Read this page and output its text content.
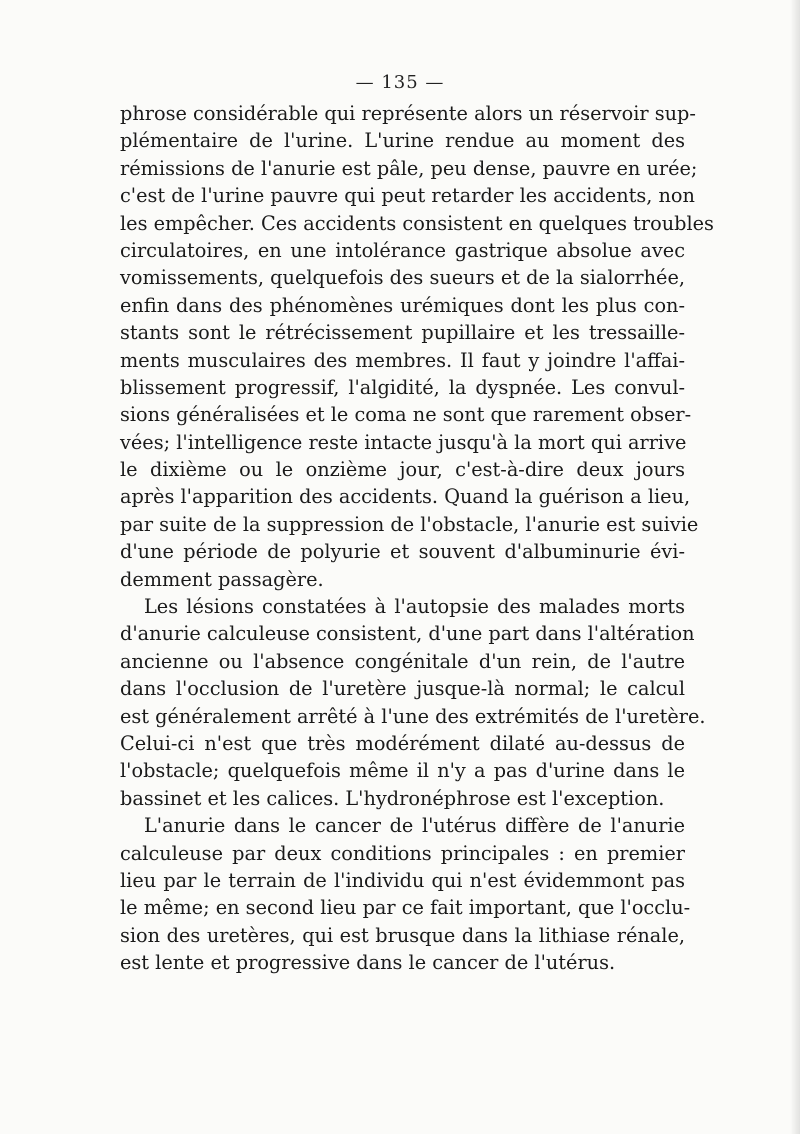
— 135 —
phrose considérable qui représente alors un réservoir sup-
plémentaire de l'urine. L'urine rendue au moment des
rémissions de l'anurie est pâle, peu dense, pauvre en urée;
c'est de l'urine pauvre qui peut retarder les accidents, non
les empêcher. Ces accidents consistent en quelques troubles
circulatoires, en une intolérance gastrique absolue avec
vomissements, quelquefois des sueurs et de la sialorrhée,
enfin dans des phénomènes urémiques dont les plus con-
stants sont le rétrécissement pupillaire et les tressaille-
ments musculaires des membres. Il faut y joindre l'affai-
blissement progressif, l'algidité, la dyspnée. Les convul-
sions généralisées et le coma ne sont que rarement obser-
vées; l'intelligence reste intacte jusqu'à la mort qui arrive
le dixième ou le onzième jour, c'est-à-dire deux jours
après l'apparition des accidents. Quand la guérison a lieu,
par suite de la suppression de l'obstacle, l'anurie est suivie
d'une période de polyurie et souvent d'albuminurie évi-
demment passagère.
Les lésions constatées à l'autopsie des malades morts
d'anurie calculeuse consistent, d'une part dans l'altération
ancienne ou l'absence congénitale d'un rein, de l'autre
dans l'occlusion de l'uretère jusque-là normal; le calcul
est généralement arrêté à l'une des extrémités de l'uretère.
Celui-ci n'est que très modérément dilaté au-dessus de
l'obstacle; quelquefois même il n'y a pas d'urine dans le
bassinet et les calices. L'hydronéphrose est l'exception.
L'anurie dans le cancer de l'utérus diffère de l'anurie
calculeuse par deux conditions principales : en premier
lieu par le terrain de l'individu qui n'est évidemmont pas
le même; en second lieu par ce fait important, que l'occlu-
sion des uretères, qui est brusque dans la lithiase rénale,
est lente et progressive dans le cancer de l'utérus.
